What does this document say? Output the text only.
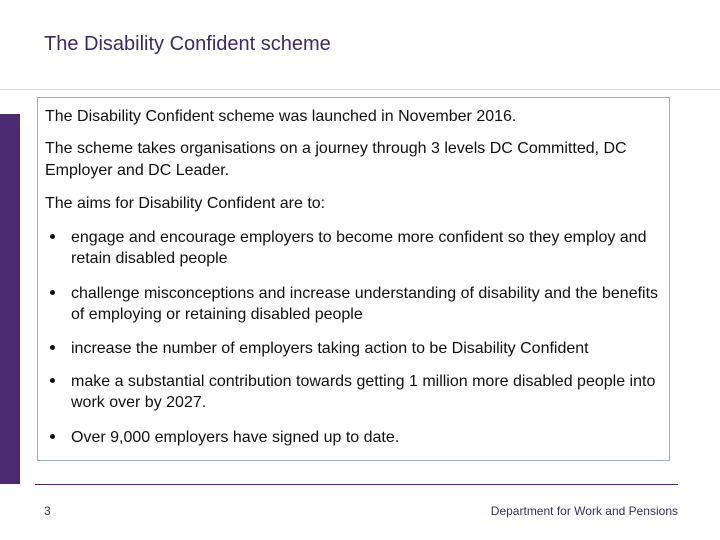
The Disability Confident scheme

The Disability Confident scheme was launched in November 2016.

The scheme takes organisations on a journey through 3 levels DC Committed, DC Employer and DC Leader.

The aims for Disability Confident are to:

engage and encourage employers to become more confident so they employ and retain disabled people
challenge misconceptions and increase understanding of disability and the benefits of employing or retaining disabled people
increase the number of employers taking action to be Disability Confident
make a substantial contribution towards getting 1 million more disabled people into work over by 2027.
Over 9,000 employers have signed up to date.
3	Department for Work and Pensions
